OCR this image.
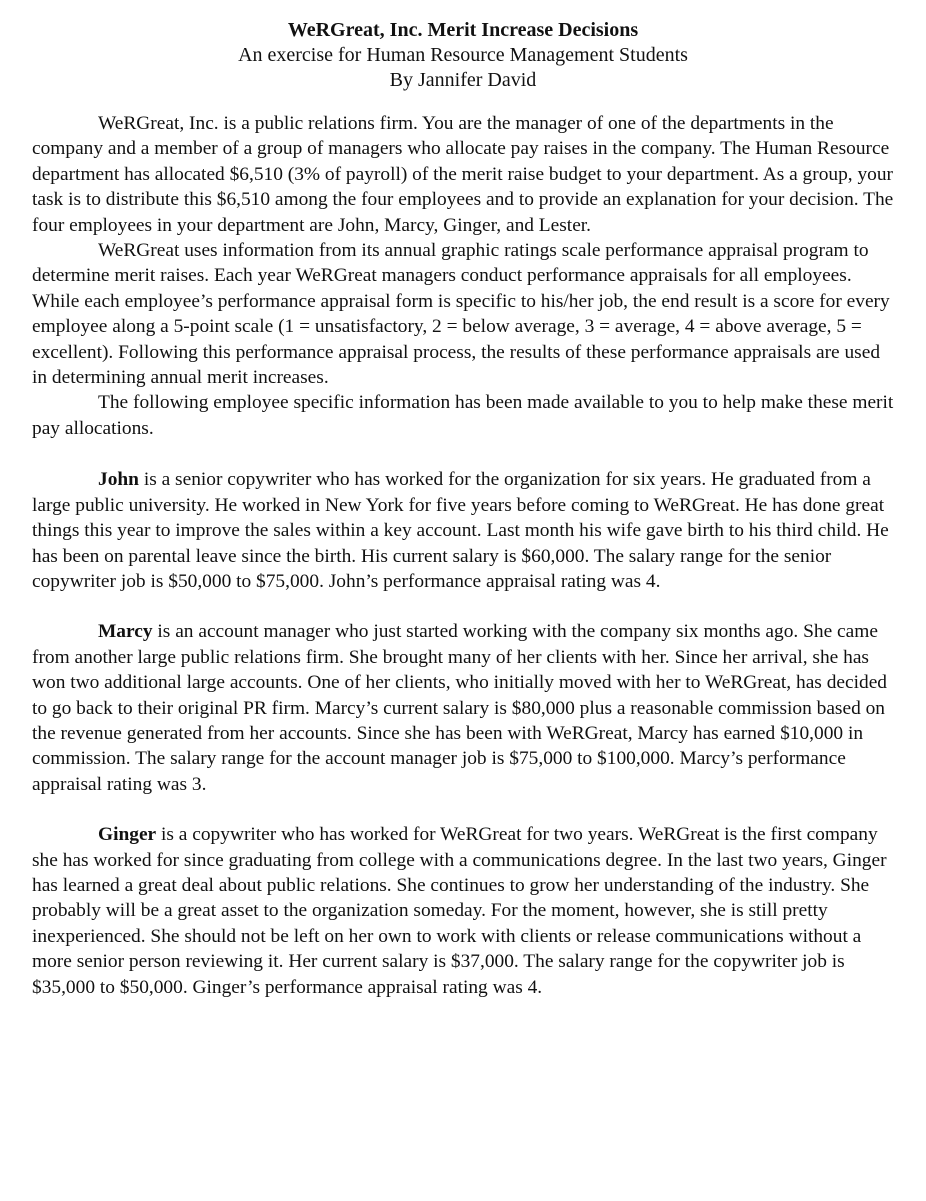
WeRGreat, Inc. Merit Increase Decisions
An exercise for Human Resource Management Students
By Jannifer David

WeRGreat, Inc. is a public relations firm. You are the manager of one of the departments in the company and a member of a group of managers who allocate pay raises in the company. The Human Resource department has allocated $6,510 (3% of payroll) of the merit raise budget to your department. As a group, your task is to distribute this $6,510 among the four employees and to provide an explanation for your decision. The four employees in your department are John, Marcy, Ginger, and Lester.

WeRGreat uses information from its annual graphic ratings scale performance appraisal program to determine merit raises. Each year WeRGreat managers conduct performance appraisals for all employees. While each employee’s performance appraisal form is specific to his/her job, the end result is a score for every employee along a 5-point scale (1 = unsatisfactory, 2 = below average, 3 = average, 4 = above average, 5 = excellent). Following this performance appraisal process, the results of these performance appraisals are used in determining annual merit increases.

The following employee specific information has been made available to you to help make these merit pay allocations.

John is a senior copywriter who has worked for the organization for six years. He graduated from a large public university. He worked in New York for five years before coming to WeRGreat. He has done great things this year to improve the sales within a key account. Last month his wife gave birth to his third child. He has been on parental leave since the birth. His current salary is $60,000. The salary range for the senior copywriter job is $50,000 to $75,000. John’s performance appraisal rating was 4.

Marcy is an account manager who just started working with the company six months ago. She came from another large public relations firm. She brought many of her clients with her. Since her arrival, she has won two additional large accounts. One of her clients, who initially moved with her to WeRGreat, has decided to go back to their original PR firm. Marcy’s current salary is $80,000 plus a reasonable commission based on the revenue generated from her accounts. Since she has been with WeRGreat, Marcy has earned $10,000 in commission. The salary range for the account manager job is $75,000 to $100,000. Marcy’s performance appraisal rating was 3.

Ginger is a copywriter who has worked for WeRGreat for two years. WeRGreat is the first company she has worked for since graduating from college with a communications degree. In the last two years, Ginger has learned a great deal about public relations. She continues to grow her understanding of the industry. She probably will be a great asset to the organization someday. For the moment, however, she is still pretty inexperienced. She should not be left on her own to work with clients or release communications without a more senior person reviewing it. Her current salary is $37,000. The salary range for the copywriter job is $35,000 to $50,000. Ginger’s performance appraisal rating was 4.
